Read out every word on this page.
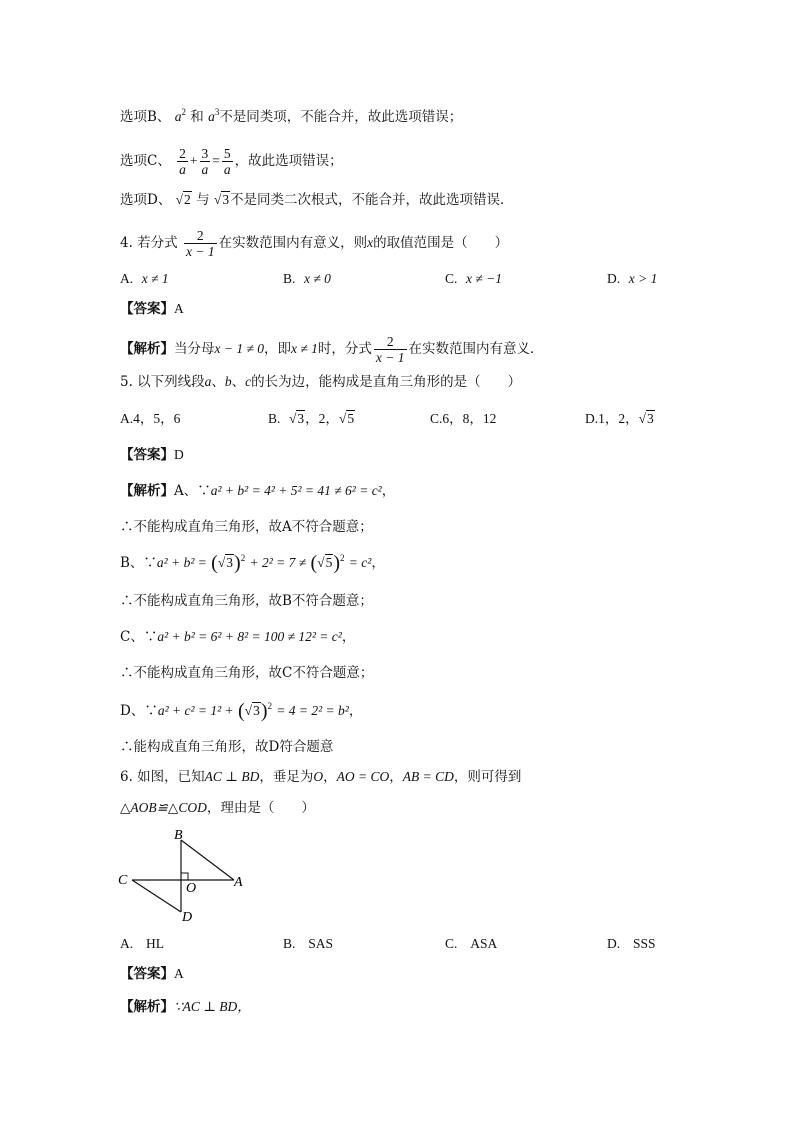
选项B、 $a^2$ 和 $a^3$不是同类项，不能合并，故此选项错误；
选项C、 $\frac{2}{a} + \frac{3}{a} = \frac{5}{a}$ ，故此选项错误；
选项D、 √2 与 √3不是同类二次根式，不能合并，故此选项错误．
4. 若分式 $\frac{2}{x - 1}$ 在实数范围内有意义，则x的取值范围是（　　）
A. x ≠ 1	B. x ≠ 0	C. x ≠ −1	D. x > 1
【答案】A
【解析】当分母x − 1 ≠ 0，即x ≠ 1时，分式 $\frac{2}{x - 1}$ 在实数范围内有意义．
5. 以下列线段a、b、c的长为边，能构成是直角三角形的是（　　）
A.4，5，6	B. √3，2，√5	C.6，8，12	D.1，2，√3
【答案】D
【解析】A、∵a² + b² = 4² + 5² = 41 ≠ 6² = c²，
∴不能构成直角三角形，故A不符合题意；
B、∵a² + $b^2 = (√3)^2 + 2^2 = 7 \ne (√5)^2 = c^2$，
∴不能构成直角三角形，故B不符合题意；
C、∵a² + b² = 6² + 8² = 100 ≠ 12² = c²，
∴不能构成直角三角形，故C不符合题意；
D、∵a² + $c^2 = 1^2 + (√3)^2 = 4 = 2^2 = b^2$，
∴能构成直角三角形，故D符合题意
6. 如图，已知AC ⊥ BD，垂足为O，AO = CO，AB = CD，则可得到
△AOB≌△COD，理由是（　　）
B
C
O	A
D
A. HL	B. SAS	C. ASA	D. SSS
【答案】A
【解析】∵AC ⊥ BD，
